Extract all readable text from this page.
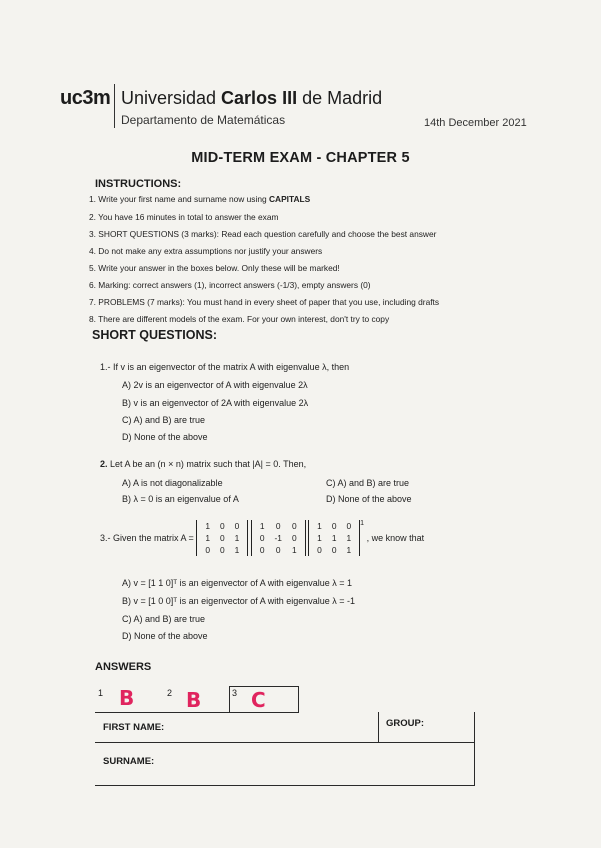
uc3m Universidad Carlos III de Madrid
Departamento de Matemáticas	14th December 2021
MID-TERM EXAM - CHAPTER 5
INSTRUCTIONS:
1. Write your first name and surname now using CAPITALS
2. You have 16 minutes in total to answer the exam
3. SHORT QUESTIONS (3 marks): Read each question carefully and choose the best answer
4. Do not make any extra assumptions nor justify your answers
5. Write your answer in the boxes below. Only these will be marked!
6. Marking: correct answers (1), incorrect answers (-1/3), empty answers (0)
7. PROBLEMS (7 marks): You must hand in every sheet of paper that you use, including drafts
8. There are different models of the exam. For your own interest, don't try to copy
SHORT QUESTIONS:
1.- If v is an eigenvector of the matrix A with eigenvalue λ, then
A) 2v is an eigenvector of A with eigenvalue 2λ
B) v is an eigenvector of 2A with eigenvalue 2λ
C) A) and B) are true
D) None of the above
2. Let A be an (n × n) matrix such that |A| = 0. Then,
A) A is not diagonalizable	C) A) and B) are true
B) λ = 0 is an eigenvalue of A	D) None of the above
3.- Given the matrix A =
1	0	0
1	0	1
0	0	1

1	0	0
0	-1	0
0	0	1

1	0	0
1	1	1
0	0	1
$^1$ , we know that
A) v = [1 1 0]ᵀ is an eigenvector of A with eigenvalue λ = 1
B) v = [1 0 0]ᵀ is an eigenvector of A with eigenvalue λ = -1
C) A) and B) are true
D) None of the above
ANSWERS
1 B	2 B	3 C
FIRST NAME:	GROUP:
SURNAME:
